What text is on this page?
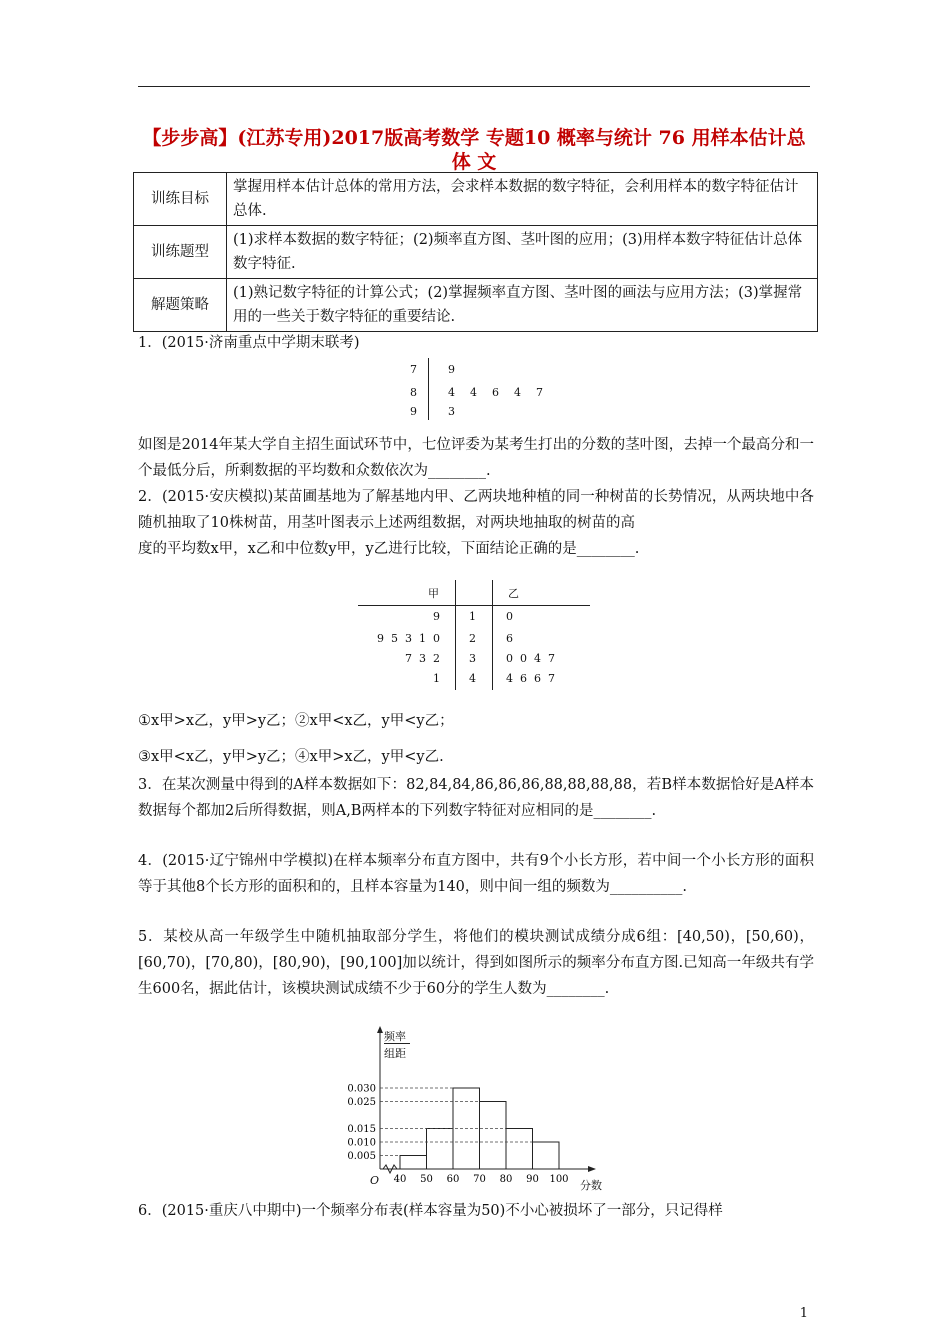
【步步高】(江苏专用)2017版高考数学 专题10 概率与统计 76 用样本估计总体 文
训练目标	掌握用样本估计总体的常用方法，会求样本数据的数字特征，会利用样本的数字特征估计总体.
训练题型	(1)求样本数据的数字特征；(2)频率直方图、茎叶图的应用；(3)用样本数字特征估计总体数字特征.
解题策略	(1)熟记数字特征的计算公式；(2)掌握频率直方图、茎叶图的画法与应用方法；(3)掌握常用的一些关于数字特征的重要结论.
1．(2015·济南重点中学期末联考)
7	9
8	4  4  6  4  7
9	3
如图是2014年某大学自主招生面试环节中，七位评委为某考生打出的分数的茎叶图，去掉一个最高分和一个最低分后，所剩数据的平均数和众数依次为________.
2．(2015·安庆模拟)某苗圃基地为了解基地内甲、乙两块地种植的同一种树苗的长势情况，从两块地中各随机抽取了10株树苗，用茎叶图表示上述两组数据，对两块地抽取的树苗的高
度的平均数x甲，x乙和中位数y甲，y乙进行比较，下面结论正确的是________.
甲	乙
9	1	0
9  5  3  1  0	2	6
7  3  2	3	0  0  4  7
1	4	4  6  6  7
①x甲>x乙，y甲>y乙；②x甲<x乙，y甲<y乙；
③x甲<x乙，y甲>y乙；④x甲>x乙，y甲<y乙.
3．在某次测量中得到的A样本数据如下：82,84,84,86,86,86,88,88,88,88，若B样本数据恰好是A样本数据每个都加2后所得数据，则A,B两样本的下列数字特征对应相同的是________.
4．(2015·辽宁锦州中学模拟)在样本频率分布直方图中，共有9个小长方形，若中间一个小长方形的面积等于其他8个长方形的面积和的，且样本容量为140，则中间一组的频数为__________.
5．某校从高一年级学生中随机抽取部分学生，将他们的模块测试成绩分成6组：[40,50)，[50,60)，[60,70)，[70,80)，[80,90)，[90,100]加以统计，得到如图所示的频率分布直方图.已知高一年级共有学生600名，据此估计，该模块测试成绩不少于60分的学生人数为________.
0.005
0.010
0.015
0.025
0.030
40 50 60 70 80 90 100
频率
组距
分数
O
6．(2015·重庆八中期中)一个频率分布表(样本容量为50)不小心被损坏了一部分，只记得样
1
